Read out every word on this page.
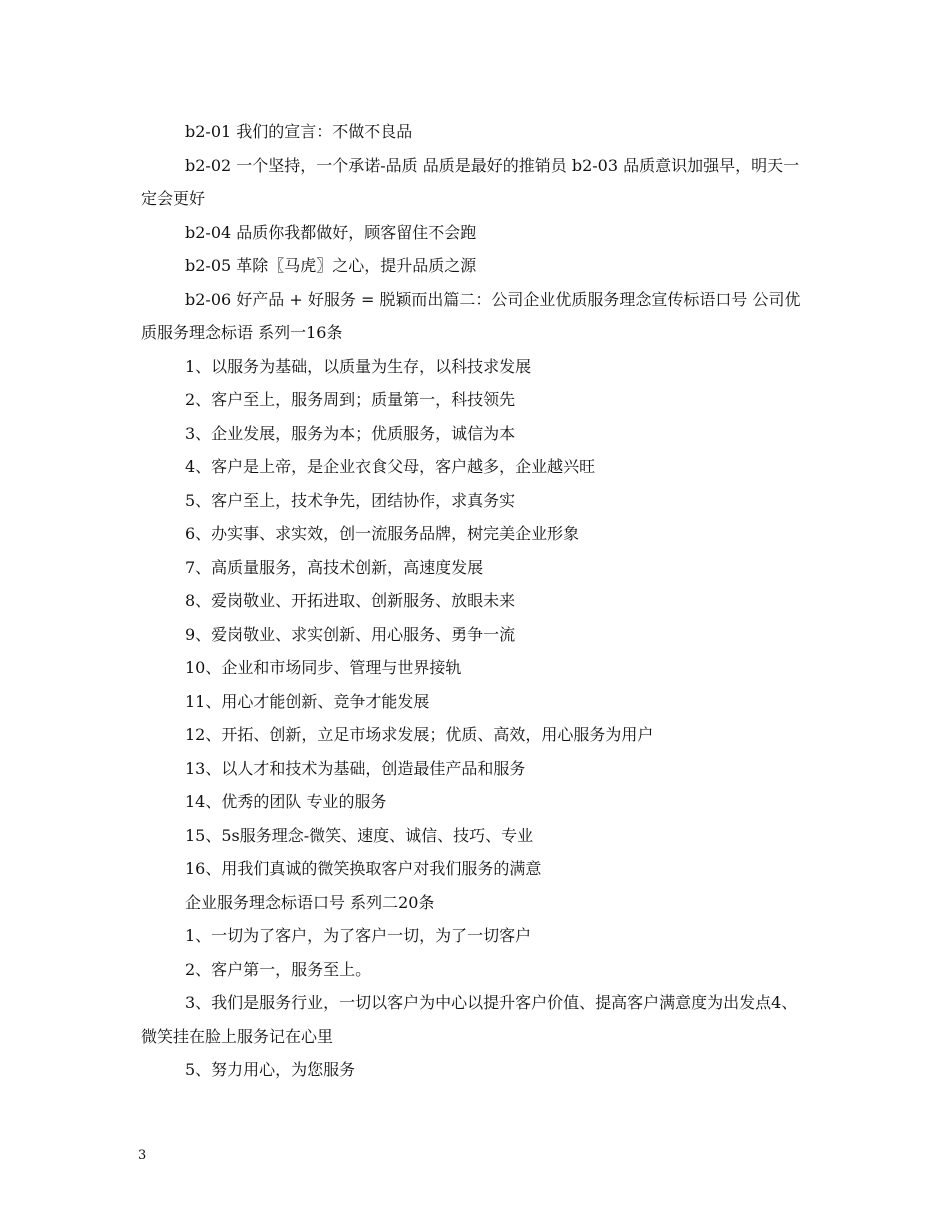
b2-01 我们的宣言：不做不良品

b2-02 一个坚持，一个承诺-品质 品质是最好的推销员 b2-03 品质意识加强早，明天一定会更好

b2-04 品质你我都做好，顾客留住不会跑

b2-05 革除〖马虎〗之心，提升品质之源

b2-06 好产品 + 好服务 = 脱颖而出篇二：公司企业优质服务理念宣传标语口号 公司优质服务理念标语 系列一16条

1、以服务为基础，以质量为生存，以科技求发展

2、客户至上，服务周到；质量第一，科技领先

3、企业发展，服务为本；优质服务，诚信为本

4、客户是上帝，是企业衣食父母，客户越多，企业越兴旺

5、客户至上，技术争先，团结协作，求真务实

6、办实事、求实效，创一流服务品牌，树完美企业形象

7、高质量服务，高技术创新，高速度发展

8、爱岗敬业、开拓进取、创新服务、放眼未来

9、爱岗敬业、求实创新、用心服务、勇争一流

10、企业和市场同步、管理与世界接轨

11、用心才能创新、竞争才能发展

12、开拓、创新，立足市场求发展；优质、高效，用心服务为用户

13、以人才和技术为基础，创造最佳产品和服务

14、优秀的团队 专业的服务

15、5s服务理念-微笑、速度、诚信、技巧、专业

16、用我们真诚的微笑换取客户对我们服务的满意

企业服务理念标语口号 系列二20条

1、一切为了客户，为了客户一切，为了一切客户

2、客户第一，服务至上。

3、我们是服务行业，一切以客户为中心以提升客户价值、提高客户满意度为出发点4、微笑挂在脸上服务记在心里

5、努力用心，为您服务

3
